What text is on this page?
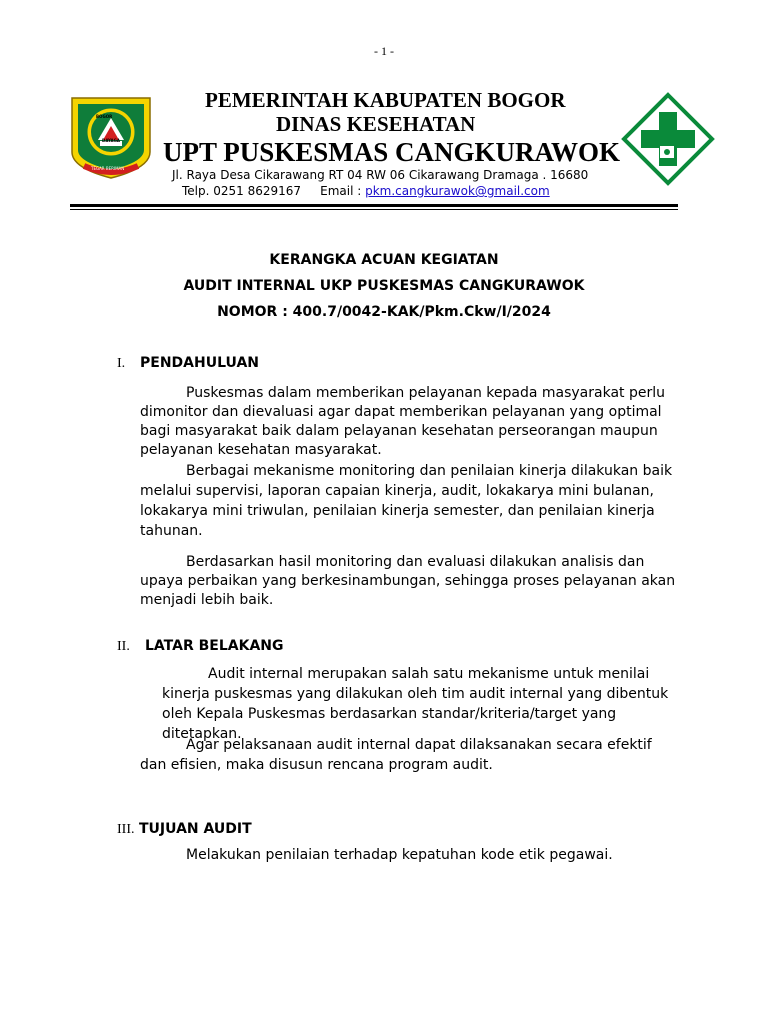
- 1 -
BOGOR
DAYAGA
TEGAR BERIMAN
PEMERINTAH KABUPATEN BOGOR
DINAS KESEHATAN
UPT PUSKESMAS CANGKURAWOK
Jl. Raya Desa Cikarawang RT 04 RW 06 Cikarawang Dramaga . 16680
Telp. 0251 8629167     Email : pkm.cangkurawok@gmail.com
KERANGKA ACUAN KEGIATAN
AUDIT INTERNAL UKP PUSKESMAS CANGKURAWOK
NOMOR : 400.7/0042-KAK/Pkm.Ckw/I/2024
I. PENDAHULUAN

Puskesmas dalam memberikan pelayanan kepada masyarakat perlu dimonitor dan dievaluasi agar dapat memberikan pelayanan yang optimal bagi masyarakat baik dalam pelayanan kesehatan perseorangan maupun pelayanan kesehatan masyarakat.

Berbagai mekanisme monitoring dan penilaian kinerja dilakukan baik melalui supervisi, laporan capaian kinerja, audit, lokakarya mini bulanan, lokakarya mini triwulan, penilaian kinerja semester, dan penilaian kinerja tahunan.

Berdasarkan hasil monitoring dan evaluasi dilakukan analisis dan upaya perbaikan yang berkesinambungan, sehingga proses pelayanan akan menjadi lebih baik.

II. LATAR BELAKANG

Audit internal merupakan salah satu mekanisme untuk menilai kinerja puskesmas yang dilakukan oleh tim audit internal yang dibentuk oleh Kepala Puskesmas berdasarkan standar/kriteria/target yang ditetapkan.

Agar pelaksanaan audit internal dapat dilaksanakan secara efektif dan efisien, maka disusun rencana program audit.

III. TUJUAN AUDIT

Melakukan penilaian terhadap kepatuhan kode etik pegawai.
